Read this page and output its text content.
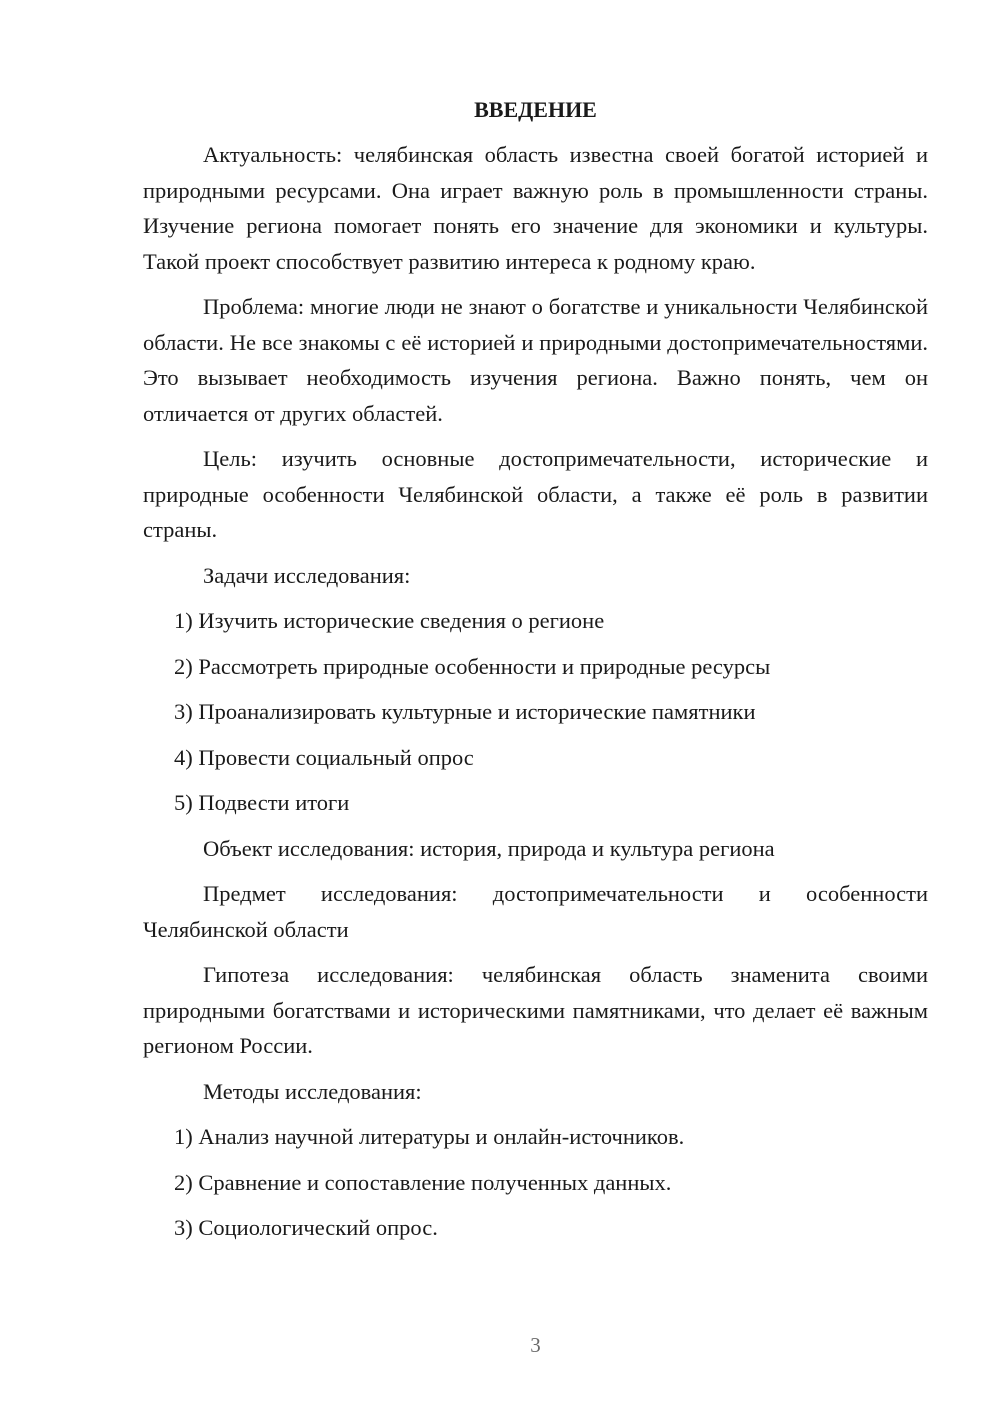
ВВЕДЕНИЕ

Актуальность: челябинская область известна своей богатой историей и природными ресурсами. Она играет важную роль в промышленности страны. Изучение региона помогает понять его значение для экономики и культуры. Такой проект способствует развитию интереса к родному краю.

Проблема: многие люди не знают о богатстве и уникальности Челябинской области. Не все знакомы с её историей и природными достопримечательностями. Это вызывает необходимость изучения региона. Важно понять, чем он отличается от других областей.

Цель: изучить основные достопримечательности, исторические и природные особенности Челябинской области, а также её роль в развитии страны.

Задачи исследования:

1) Изучить исторические сведения о регионе
2) Рассмотреть природные особенности и природные ресурсы
3) Проанализировать культурные и исторические памятники
4) Провести социальный опрос
5) Подвести итоги

Объект исследования: история, природа и культура региона

Предмет исследования: достопримечательности и особенности Челябинской области

Гипотеза исследования: челябинская область знаменита своими природными богатствами и историческими памятниками, что делает её важным регионом России.

Методы исследования:

1) Анализ научной литературы и онлайн-источников.
2) Сравнение и сопоставление полученных данных.
3) Социологический опрос.
3
